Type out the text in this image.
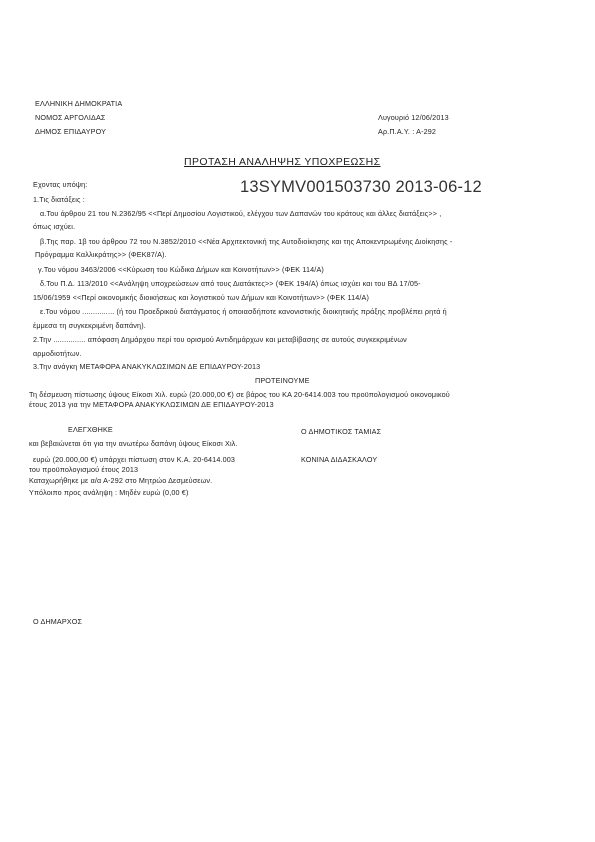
ΕΛΛΗΝΙΚΗ ΔΗΜΟΚΡΑΤΙΑ
ΝΟΜΟΣ ΑΡΓΟΛΙΔΑΣ
ΔΗΜΟΣ ΕΠΙΔΑΥΡΟΥ
Λυγουριό 12/06/2013
Αρ.Π.Α.Υ. : Α-292
ΠΡΟΤΑΣΗ ΑΝΑΛΗΨΗΣ ΥΠΟΧΡΕΩΣΗΣ
13SYMV001503730 2013-06-12
Εχοντας υπόψη:
1.Τις διατάξεις :
α.Του άρθρου 21 του Ν.2362/95 <<Περί Δημοσίου Λογιστικού, ελέγχου των Δαπανών του κράτους και άλλες διατάξεις>> ,
όπως ισχύει.
β.Της παρ. 1β του άρθρου 72 του Ν.3852/2010 <<Νέα Αρχιτεκτονική της Αυτοδιοίκησης και της Αποκεντρωμένης Διοίκησης -
Πρόγραμμα Καλλικράτης>> (ΦΕΚ87/Α).
γ.Του νόμου 3463/2006 <<Κύρωση του Κώδικα Δήμων και Κοινοτήτων>> (ΦΕΚ 114/Α)
δ.Του Π.Δ. 113/2010 <<Ανάληψη υποχρεώσεων από τους Διατάκτες>> (ΦΕΚ 194/Α) όπως ισχύει και του ΒΔ 17/05-
15/06/1959 <<Περί οικονομικής διοικήσεως και λογιστικού των Δήμων και Κοινοτήτων>> (ΦΕΚ 114/Α)
ε.Του νόμου ............... (ή του Προεδρικού διατάγματος ή οποιασδήποτε κανονιστικής διοικητικής πράξης προβλέπει ρητά ή
έμμεσα τη συγκεκριμένη δαπάνη).
2.Την ............... απόφαση Δημάρχου περί του ορισμού Αντιδημάρχων και μεταβίβασης σε αυτούς συγκεκριμένων
αρμοδιοτήτων.
3.Την ανάγκη ΜΕΤΑΦΟΡΑ ΑΝΑΚΥΚΛΩΣΙΜΩΝ ΔΕ ΕΠΙΔΑΥΡΟΥ-2013
ΠΡΟΤΕΙΝΟΥΜΕ
Τη δέσμευση πίστωσης ύψους Είκοσι Χιλ. ευρώ (20.000,00 €) σε βάρος του ΚΑ 20-6414.003 του προϋπολογισμού οικονομικού
έτους 2013 για την ΜΕΤΑΦΟΡΑ ΑΝΑΚΥΚΛΩΣΙΜΩΝ ΔΕ ΕΠΙΔΑΥΡΟΥ-2013
ΕΛΕΓΧΘΗΚΕ
και βεβαιώνεται ότι για την ανωτέρω δαπάνη ύψους Είκοσι Χιλ.
ευρώ (20.000,00 €) υπάρχει πίστωση στον Κ.Α. 20-6414.003
του προϋπολογισμού έτους 2013
Καταχωρήθηκε με α/α Α-292 στο Μητρώο Δεσμεύσεων.
Υπόλοιπο προς ανάληψη : Μηδέν ευρώ (0,00 €)
Ο ΔΗΜΟΤΙΚΟΣ ΤΑΜΙΑΣ
ΚΟΝΙΝΑ ΔΙΔΑΣΚΑΛΟΥ
Ο ΔΗΜΑΡΧΟΣ
